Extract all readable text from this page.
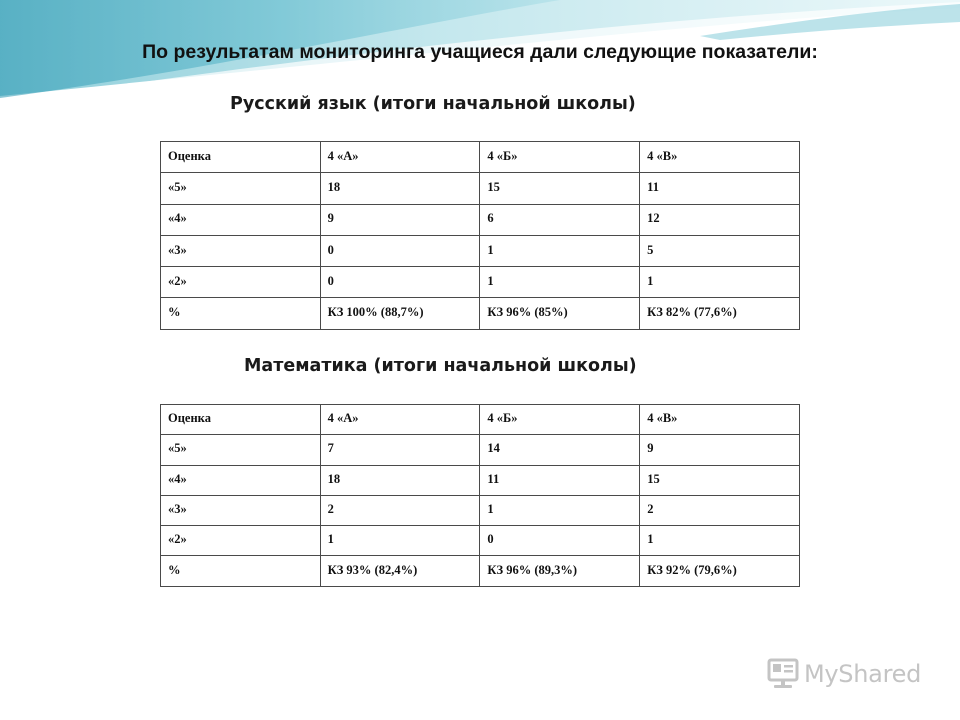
По результатам мониторинга учащиеся дали следующие показатели:
Русский язык (итоги начальной школы)
Оценка	4 «А»	4 «Б»	4 «В»
«5»	18	15	11
«4»	9	6	12
«3»	0	1	5
«2»	0	1	1
%	КЗ 100% (88,7%)	КЗ 96% (85%)	КЗ 82% (77,6%)
Математика (итоги начальной школы)
Оценка	4 «А»	4 «Б»	4 «В»
«5»	7	14	9
«4»	18	11	15
«3»	2	1	2
«2»	1	0	1
%	КЗ 93% (82,4%)	КЗ 96% (89,3%)	КЗ 92% (79,6%)
MyShared
